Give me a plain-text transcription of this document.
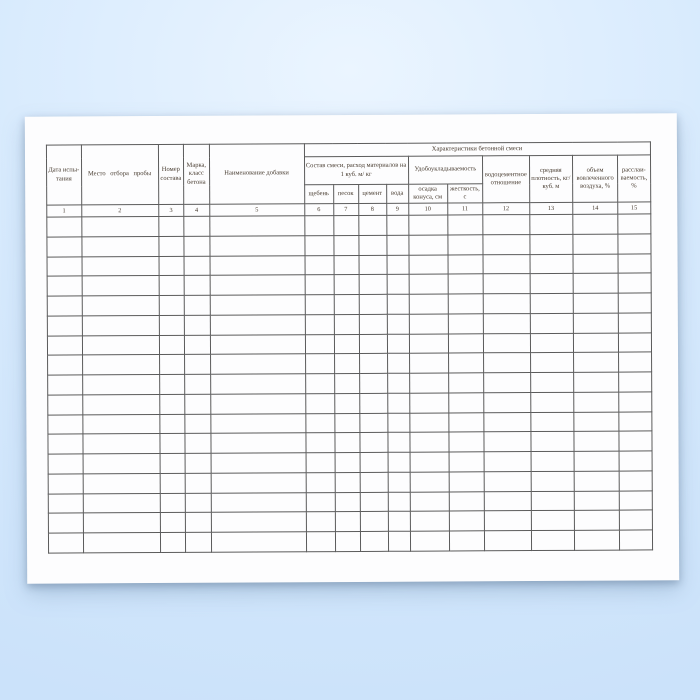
Дата испы-тания	Место отбора пробы	Номер состава	Марка, класс бетона	Наименование добавки	Характеристики бетонной смеси									
					Состав смеси, расход материалов на 1 куб. м/ кг				Удобоукладываемость		водоцементное отношение	средняя плотность, кг/куб. м	объем вовлеченного воздуха, %	расслаи-ваемость, %
					щебень	песок	цемент	вода	осадка конуса, см	жесткость, с				
1	2	3	4	5	6	7	8	9	10	11	12	13	14	15
